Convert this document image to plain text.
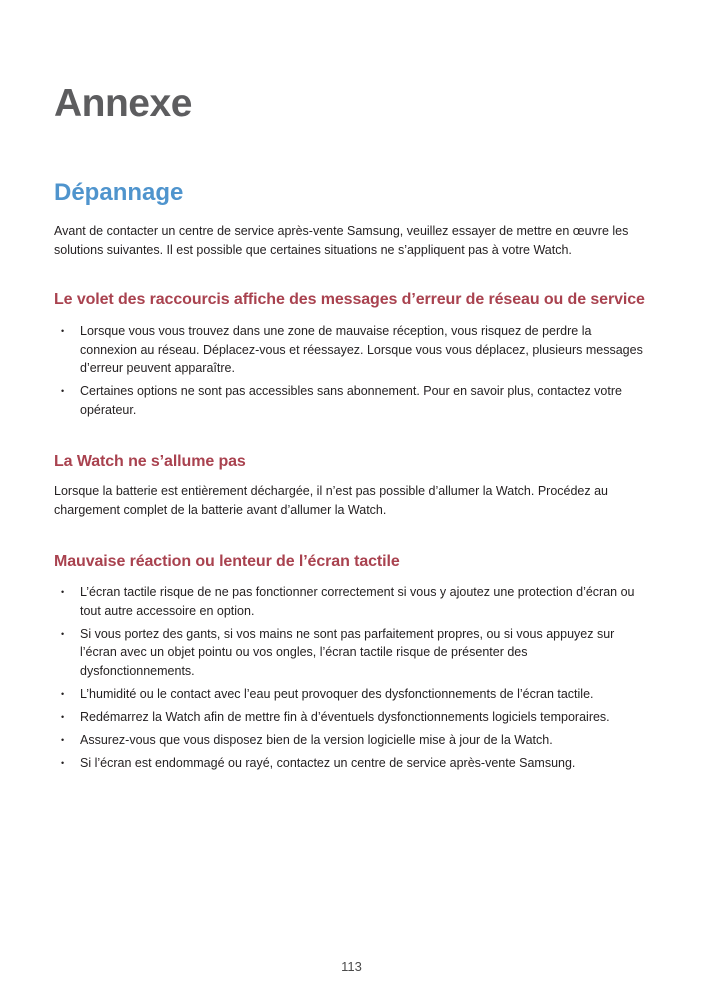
Annexe
Dépannage

Avant de contacter un centre de service après-vente Samsung, veuillez essayer de mettre en œuvre les solutions suivantes. Il est possible que certaines situations ne s’appliquent pas à votre Watch.

Le volet des raccourcis affiche des messages d’erreur de réseau ou de service
• Lorsque vous vous trouvez dans une zone de mauvaise réception, vous risquez de perdre la connexion au réseau. Déplacez-vous et réessayez. Lorsque vous vous déplacez, plusieurs messages d’erreur peuvent apparaître.
• Certaines options ne sont pas accessibles sans abonnement. Pour en savoir plus, contactez votre opérateur.
La Watch ne s’allume pas

Lorsque la batterie est entièrement déchargée, il n’est pas possible d’allumer la Watch. Procédez au chargement complet de la batterie avant d’allumer la Watch.

Mauvaise réaction ou lenteur de l’écran tactile
• L’écran tactile risque de ne pas fonctionner correctement si vous y ajoutez une protection d’écran ou tout autre accessoire en option.
• Si vous portez des gants, si vos mains ne sont pas parfaitement propres, ou si vous appuyez sur l’écran avec un objet pointu ou vos ongles, l’écran tactile risque de présenter des dysfonctionnements.
• L’humidité ou le contact avec l’eau peut provoquer des dysfonctionnements de l’écran tactile.
• Redémarrez la Watch afin de mettre fin à d’éventuels dysfonctionnements logiciels temporaires.
• Assurez-vous que vous disposez bien de la version logicielle mise à jour de la Watch.
• Si l’écran est endommagé ou rayé, contactez un centre de service après-vente Samsung.
113
